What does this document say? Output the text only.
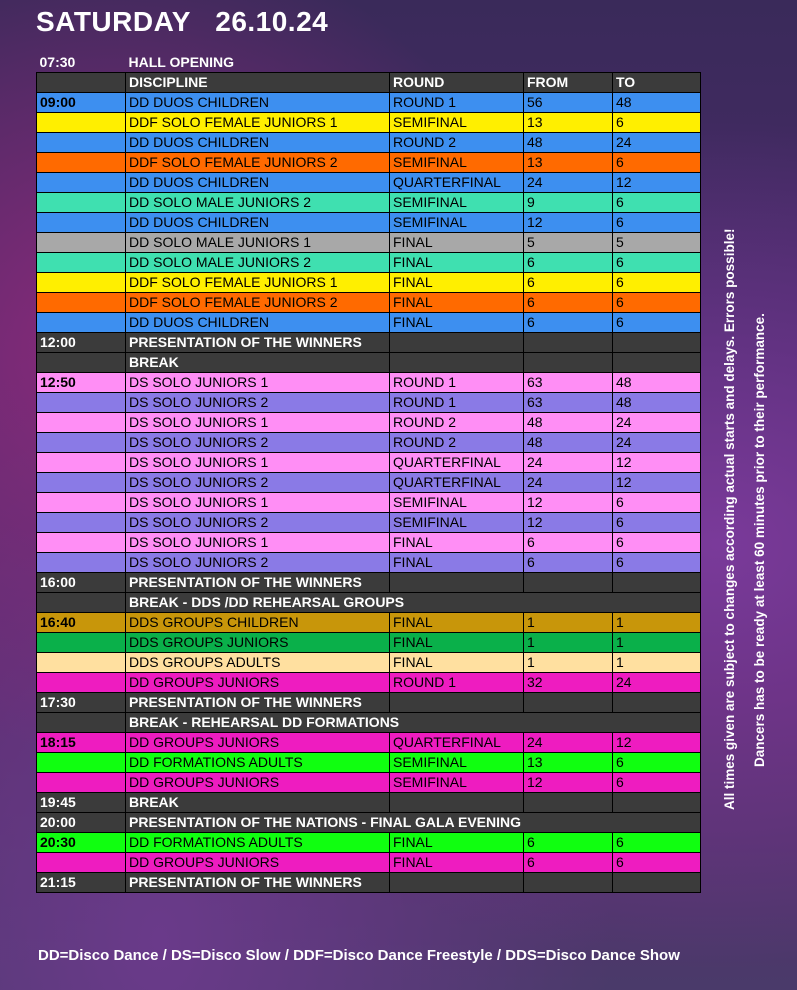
SATURDAY   26.10.24
07:30	HALL OPENING			
	DISCIPLINE	ROUND	FROM	TO
09:00	DD DUOS CHILDREN	ROUND 1	56	48
	DDF SOLO FEMALE JUNIORS 1	SEMIFINAL	13	6
	DD DUOS CHILDREN	ROUND 2	48	24
	DDF SOLO FEMALE JUNIORS 2	SEMIFINAL	13	6
	DD DUOS CHILDREN	QUARTERFINAL	24	12
	DD SOLO MALE JUNIORS 2	SEMIFINAL	9	6
	DD DUOS CHILDREN	SEMIFINAL	12	6
	DD SOLO MALE JUNIORS 1	FINAL	5	5
	DD SOLO MALE JUNIORS 2	FINAL	6	6
	DDF SOLO FEMALE JUNIORS 1	FINAL	6	6
	DDF SOLO FEMALE JUNIORS 2	FINAL	6	6
	DD DUOS CHILDREN	FINAL	6	6
12:00	PRESENTATION OF THE WINNERS			
	BREAK			
12:50	DS SOLO JUNIORS 1	ROUND 1	63	48
	DS SOLO JUNIORS 2	ROUND 1	63	48
	DS SOLO JUNIORS 1	ROUND 2	48	24
	DS SOLO JUNIORS 2	ROUND 2	48	24
	DS SOLO JUNIORS 1	QUARTERFINAL	24	12
	DS SOLO JUNIORS 2	QUARTERFINAL	24	12
	DS SOLO JUNIORS 1	SEMIFINAL	12	6
	DS SOLO JUNIORS 2	SEMIFINAL	12	6
	DS SOLO JUNIORS 1	FINAL	6	6
	DS SOLO JUNIORS 2	FINAL	6	6
16:00	PRESENTATION OF THE WINNERS			
	BREAK - DDS /DD REHEARSAL GROUPS			
16:40	DDS GROUPS CHILDREN	FINAL	1	1
	DDS GROUPS JUNIORS	FINAL	1	1
	DDS GROUPS ADULTS	FINAL	1	1
	DD GROUPS JUNIORS	ROUND 1	32	24
17:30	PRESENTATION OF THE WINNERS			
	BREAK - REHEARSAL DD FORMATIONS			
18:15	DD GROUPS JUNIORS	QUARTERFINAL	24	12
	DD FORMATIONS ADULTS	SEMIFINAL	13	6
	DD GROUPS JUNIORS	SEMIFINAL	12	6
19:45	BREAK			
20:00	PRESENTATION OF THE NATIONS - FINAL GALA EVENING			
20:30	DD FORMATIONS ADULTS	FINAL	6	6
	DD GROUPS JUNIORS	FINAL	6	6
21:15	PRESENTATION OF THE WINNERS			
All times given are subject to changes according actual starts and delays. Errors possible! Dancers has to be ready at least 60 minutes prior to their performance.
DD=Disco Dance / DS=Disco Slow / DDF=Disco Dance Freestyle / DDS=Disco Dance Show
